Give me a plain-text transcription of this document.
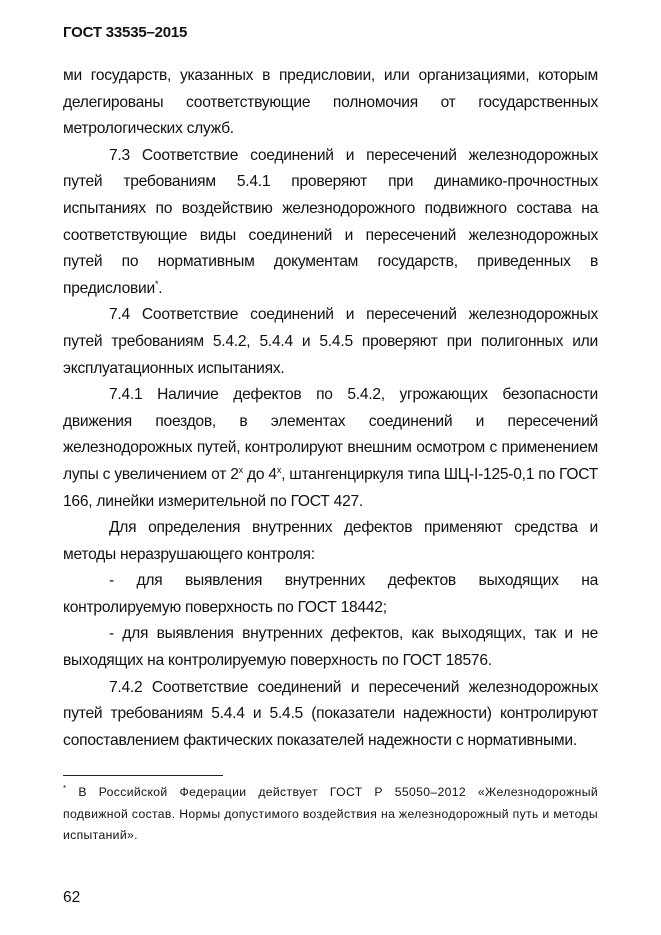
ГОСТ 33535–2015

ми государств, указанных в предисловии, или организациями, которым делегированы соответствующие полномочия от государственных метрологических служб.

7.3 Соответствие соединений и пересечений железнодорожных путей требованиям 5.4.1 проверяют при динамико-прочностных испытаниях по воздействию железнодорожного подвижного состава на соответствующие виды соединений и пересечений железнодорожных путей по нормативным документам государств, приведенных в предисловии*.

7.4 Соответствие соединений и пересечений железнодорожных путей требованиям 5.4.2, 5.4.4 и 5.4.5 проверяют при полигонных или эксплуатационных испытаниях.

7.4.1 Наличие дефектов по 5.4.2, угрожающих безопасности движения поездов, в элементах соединений и пересечений железнодорожных путей, контролируют внешним осмотром с применением лупы с увеличением от $2^х$ до $4^х$, штангенциркуля типа ШЦ-I-125-0,1 по ГОСТ 166, линейки измерительной по ГОСТ 427.

Для определения внутренних дефектов применяют средства и методы неразрушающего контроля:

- для выявления внутренних дефектов выходящих на контролируемую поверхность по ГОСТ 18442;

- для выявления внутренних дефектов, как выходящих, так и не выходящих на контролируемую поверхность по ГОСТ 18576.

7.4.2 Соответствие соединений и пересечений железнодорожных путей требованиям 5.4.4 и 5.4.5 (показатели надежности) контролируют сопоставлением фактических показателей надежности с нормативными.

* В Российской Федерации действует ГОСТ Р 55050–2012 «Железнодорожный подвижной состав. Нормы допустимого воздействия на железнодорожный путь и методы испытаний».
62
